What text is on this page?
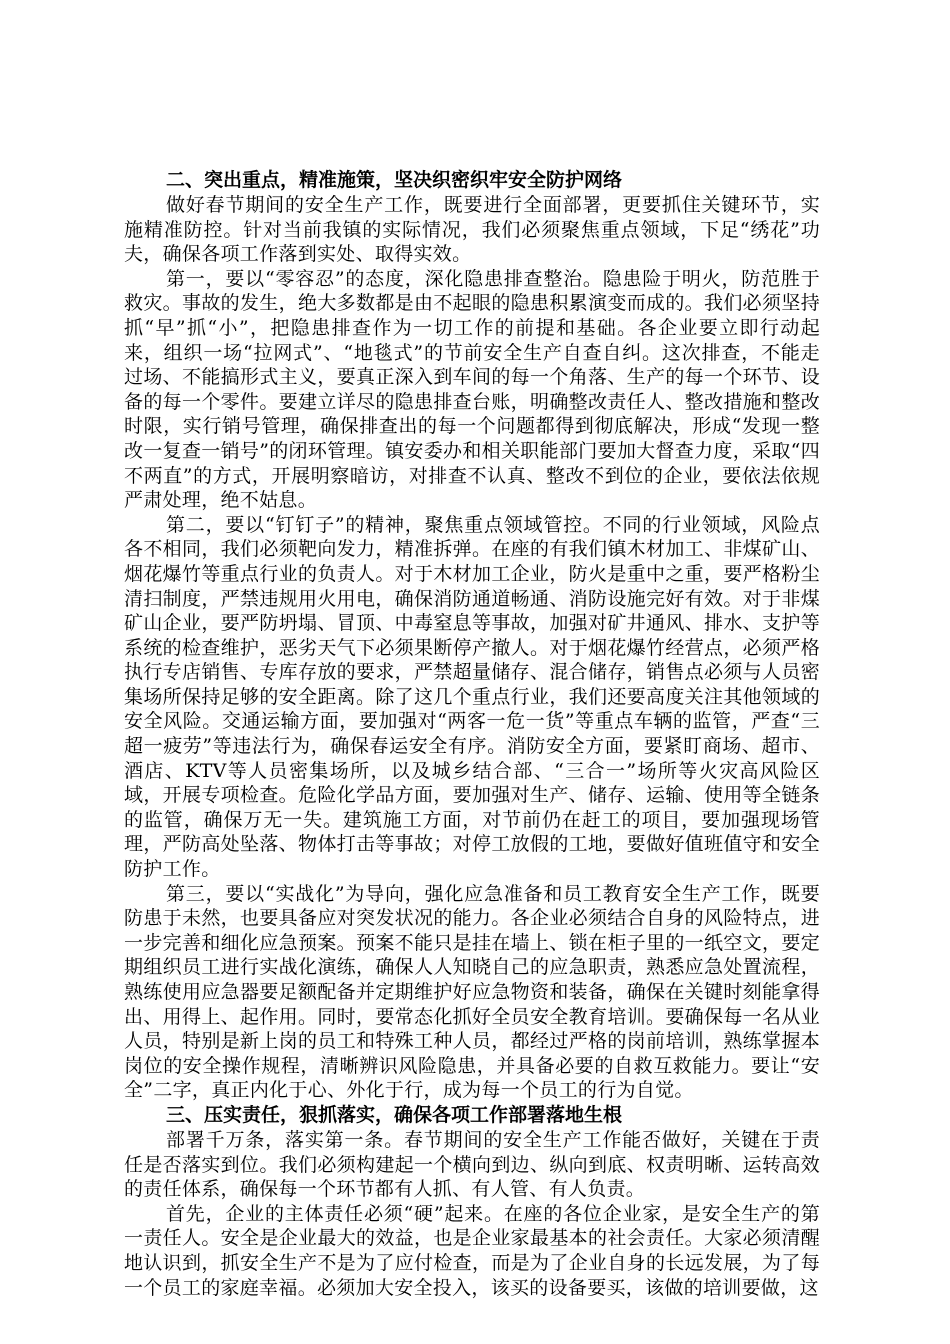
二、突出重点，精准施策，坚决织密织牢安全防护网络

做好春节期间的安全生产工作，既要进行全面部署，更要抓住关键环节，实施精准防控。针对当前我镇的实际情况，我们必须聚焦重点领域，下足“绣花”功夫，确保各项工作落到实处、取得实效。

第一，要以“零容忍”的态度，深化隐患排查整治。隐患险于明火，防范胜于救灾。事故的发生，绝大多数都是由不起眼的隐患积累演变而成的。我们必须坚持抓“早”抓“小”，把隐患排查作为一切工作的前提和基础。各企业要立即行动起来，组织一场“拉网式”、“地毯式”的节前安全生产自查自纠。这次排查，不能走过场、不能搞形式主义，要真正深入到车间的每一个角落、生产的每一个环节、设备的每一个零件。要建立详尽的隐患排查台账，明确整改责任人、整改措施和整改时限，实行销号管理，确保排查出的每一个问题都得到彻底解决，形成“发现一整改一复查一销号”的闭环管理。镇安委办和相关职能部门要加大督查力度，采取“四不两直”的方式，开展明察暗访，对排查不认真、整改不到位的企业，要依法依规严肃处理，绝不姑息。

第二，要以“钉钉子”的精神，聚焦重点领域管控。不同的行业领域，风险点各不相同，我们必须靶向发力，精准拆弹。在座的有我们镇木材加工、非煤矿山、烟花爆竹等重点行业的负责人。对于木材加工企业，防火是重中之重，要严格粉尘清扫制度，严禁违规用火用电，确保消防通道畅通、消防设施完好有效。对于非煤矿山企业，要严防坍塌、冒顶、中毒窒息等事故，加强对矿井通风、排水、支护等系统的检查维护，恶劣天气下必须果断停产撤人。对于烟花爆竹经营点，必须严格执行专店销售、专库存放的要求，严禁超量储存、混合储存，销售点必须与人员密集场所保持足够的安全距离。除了这几个重点行业，我们还要高度关注其他领域的安全风险。交通运输方面，要加强对“两客一危一货”等重点车辆的监管，严查“三超一疲劳”等违法行为，确保春运安全有序。消防安全方面，要紧盯商场、超市、酒店、KTV等人员密集场所，以及城乡结合部、“三合一”场所等火灾高风险区域，开展专项检查。危险化学品方面，要加强对生产、储存、运输、使用等全链条的监管，确保万无一失。建筑施工方面，对节前仍在赶工的项目，要加强现场管理，严防高处坠落、物体打击等事故；对停工放假的工地，要做好值班值守和安全防护工作。

第三，要以“实战化”为导向，强化应急准备和员工教育安全生产工作，既要防患于未然，也要具备应对突发状况的能力。各企业必须结合自身的风险特点，进一步完善和细化应急预案。预案不能只是挂在墙上、锁在柜子里的一纸空文，要定期组织员工进行实战化演练，确保人人知晓自己的应急职责，熟悉应急处置流程，熟练使用应急器要足额配备并定期维护好应急物资和装备，确保在关键时刻能拿得出、用得上、起作用。同时，要常态化抓好全员安全教育培训。要确保每一名从业人员，特别是新上岗的员工和特殊工种人员，都经过严格的岗前培训，熟练掌握本岗位的安全操作规程，清晰辨识风险隐患，并具备必要的自救互救能力。要让“安全”二字，真正内化于心、外化于行，成为每一个员工的行为自觉。

三、压实责任，狠抓落实，确保各项工作部署落地生根

部署千万条，落实第一条。春节期间的安全生产工作能否做好，关键在于责任是否落实到位。我们必须构建起一个横向到边、纵向到底、权责明晰、运转高效的责任体系，确保每一个环节都有人抓、有人管、有人负责。

首先，企业的主体责任必须“硬”起来。在座的各位企业家，是安全生产的第一责任人。安全是企业最大的效益，也是企业家最基本的社会责任。大家必须清醒地认识到，抓安全生产不是为了应付检查，而是为了企业自身的长远发展，为了每一个员工的家庭幸福。必须加大安全投入，该买的设备要买，该做的培训要做，这
